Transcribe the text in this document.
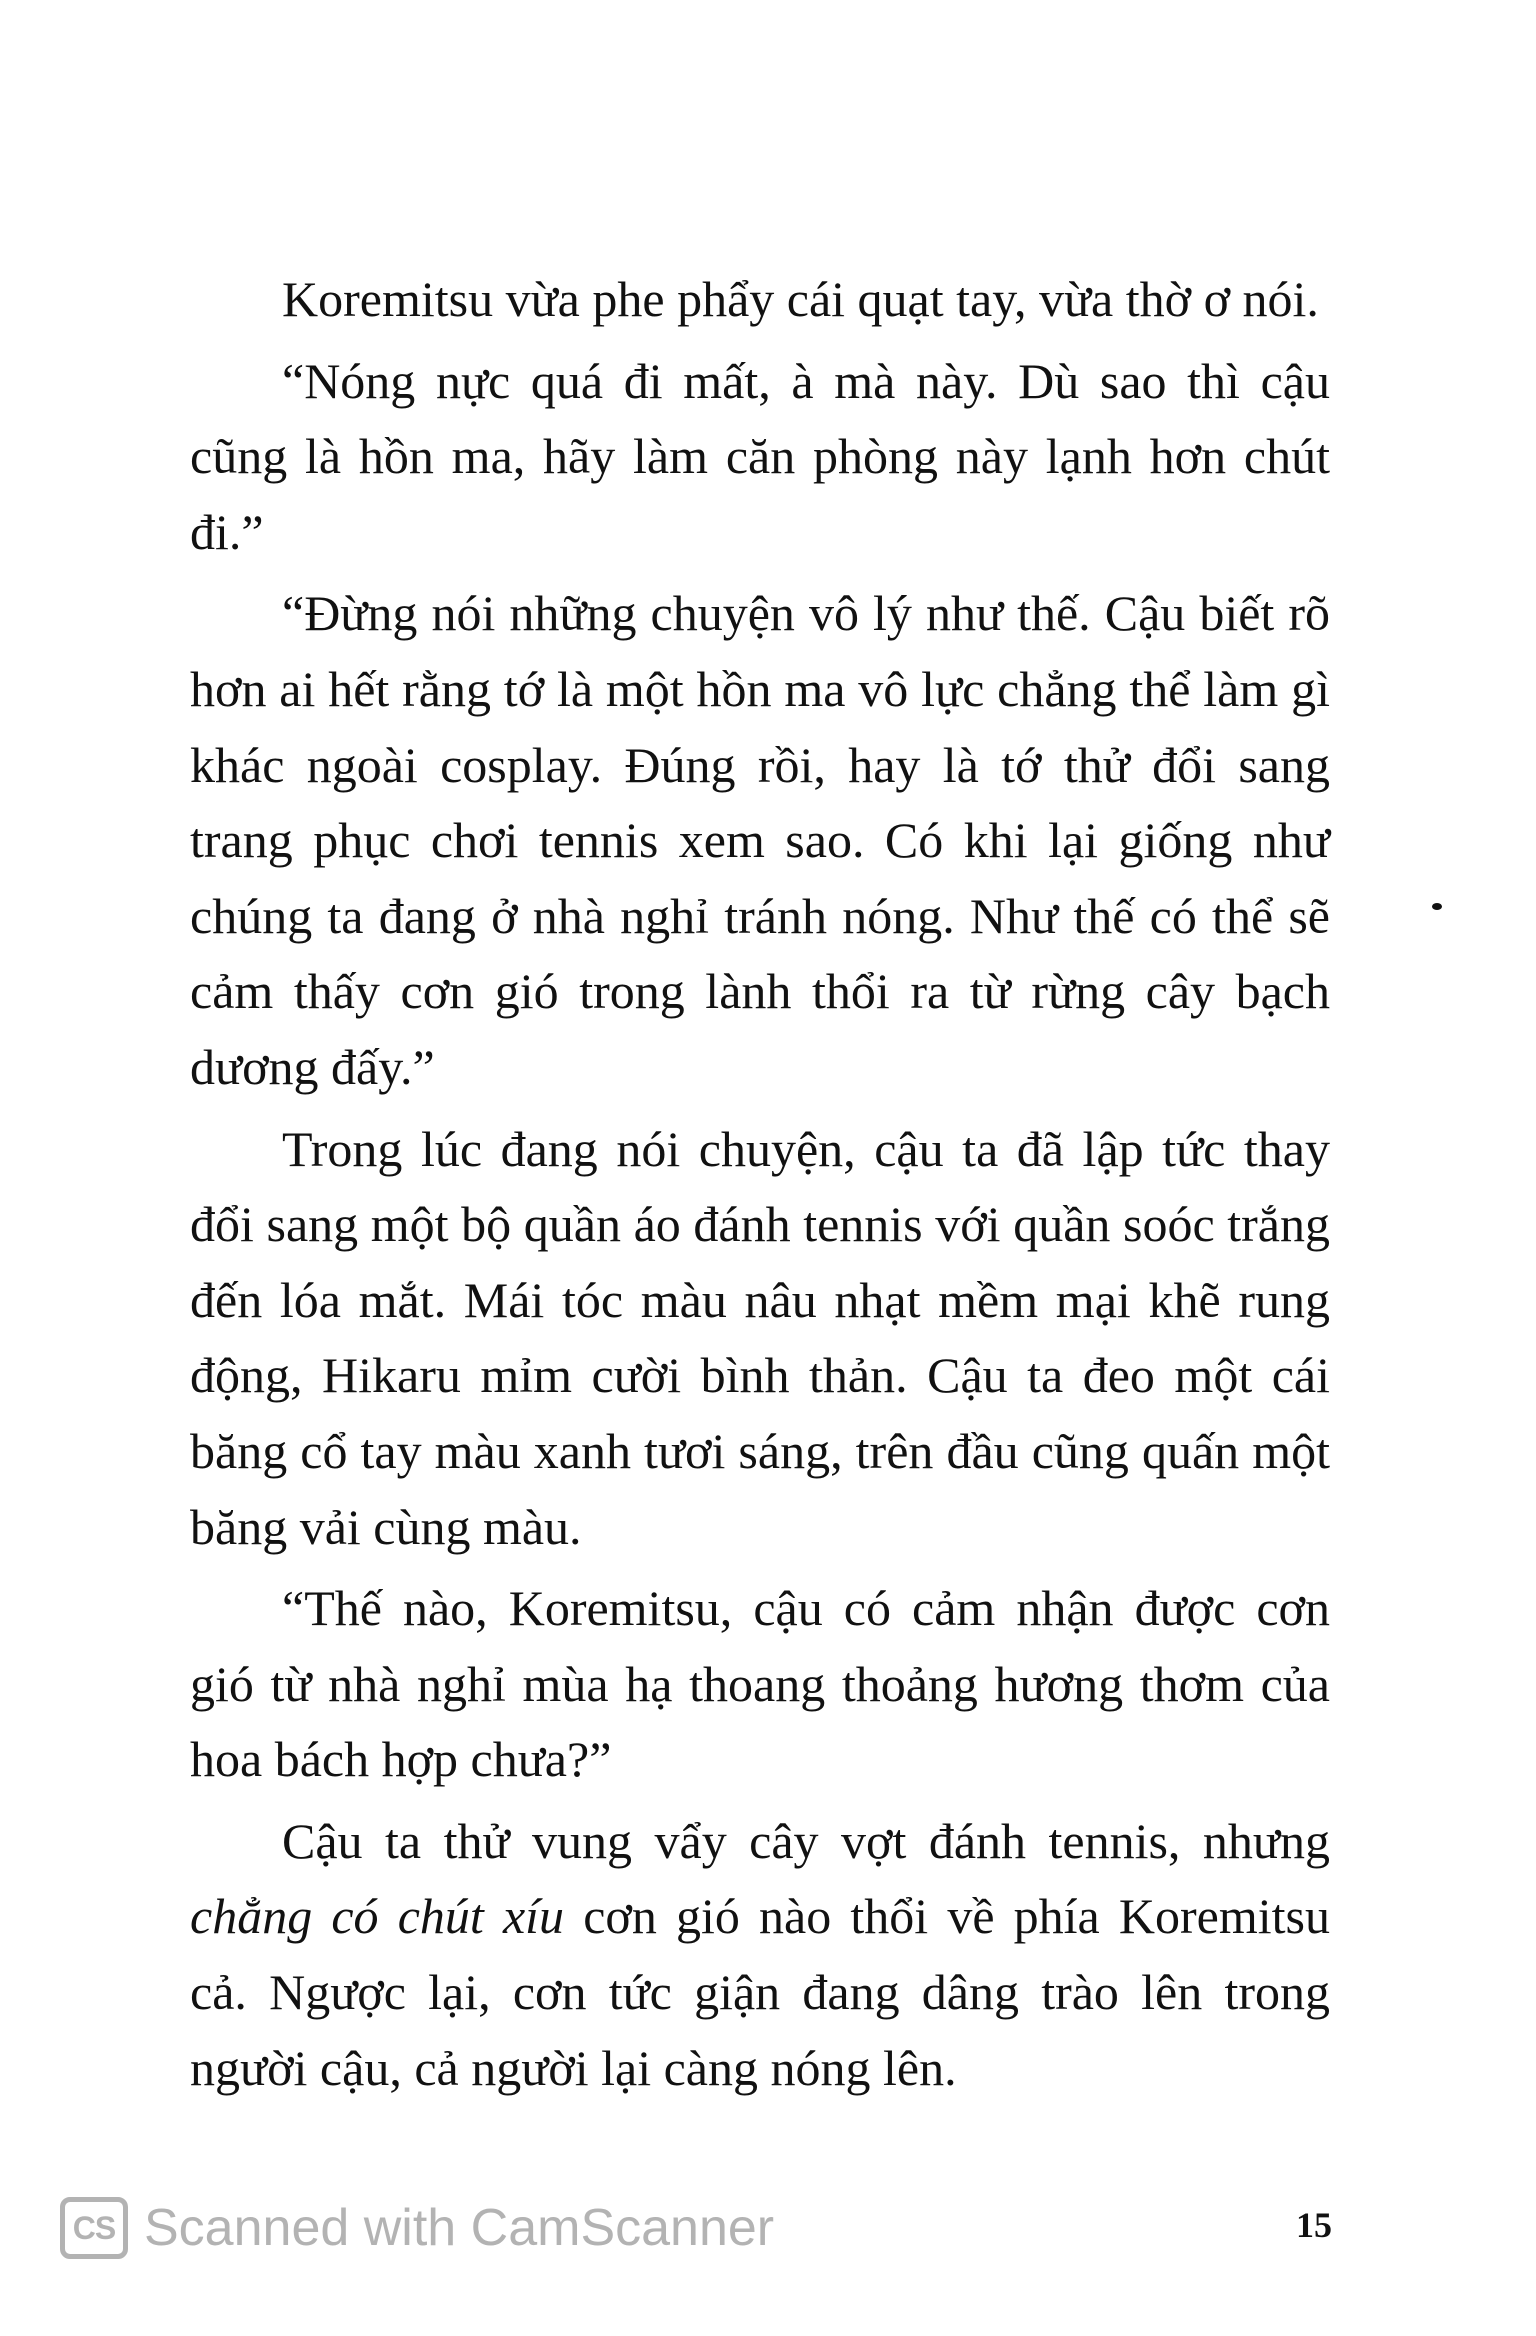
Koremitsu vừa phe phẩy cái quạt tay, vừa thờ ơ nói.

“Nóng nực quá đi mất, à mà này. Dù sao thì cậu cũng là hồn ma, hãy làm căn phòng này lạnh hơn chút đi.”

“Đừng nói những chuyện vô lý như thế. Cậu biết rõ hơn ai hết rằng tớ là một hồn ma vô lực chẳng thể làm gì khác ngoài cosplay. Đúng rồi, hay là tớ thử đổi sang trang phục chơi tennis xem sao. Có khi lại giống như chúng ta đang ở nhà nghỉ tránh nóng. Như thế có thể sẽ cảm thấy cơn gió trong lành thổi ra từ rừng cây bạch dương đấy.”

Trong lúc đang nói chuyện, cậu ta đã lập tức thay đổi sang một bộ quần áo đánh tennis với quần soóc trắng đến lóa mắt. Mái tóc màu nâu nhạt mềm mại khẽ rung động, Hikaru mỉm cười bình thản. Cậu ta đeo một cái băng cổ tay màu xanh tươi sáng, trên đầu cũng quấn một băng vải cùng màu.

“Thế nào, Koremitsu, cậu có cảm nhận được cơn gió từ nhà nghỉ mùa hạ thoang thoảng hương thơm của hoa bách hợp chưa?”

Cậu ta thử vung vẩy cây vợt đánh tennis, nhưng chẳng có chút xíu cơn gió nào thổi về phía Koremitsu cả. Ngược lại, cơn tức giận đang dâng trào lên trong người cậu, cả người lại càng nóng lên.

15
CS Scanned with CamScanner
